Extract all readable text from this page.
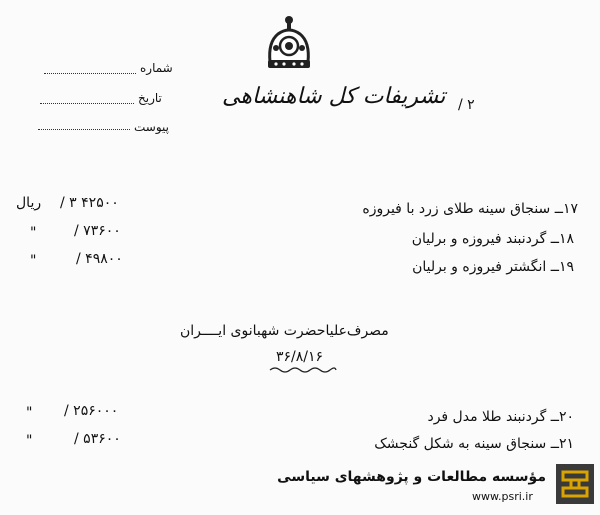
تشریفات کل شاهنشاهی
شماره
تاریخ
پیوست
/ ۲
۱۷ــ سنجاق سینه طلای زرد با فیروزه
۴۲۵۰۰ ۳ /
ریال
۱۸ــ گردنبند فیروزه و برلیان
۷۳۶۰۰ /
"
۱۹ــ انگشتر فیروزه و برلیان
۴۹۸۰۰ /
"
مصرف‌علیاحضرت شهبانوی ایــــران
۳۶/۸/۱۶
۲۰ــ گردنبند طلا مدل فرد
۲۵۶۰۰۰ /
"
۲۱ــ سنجاق سینه به شکل گنجشک
۵۳۶۰۰ /
"
مؤسسه مطالعات و پژوهشهای سیاسی
www.psri.ir
